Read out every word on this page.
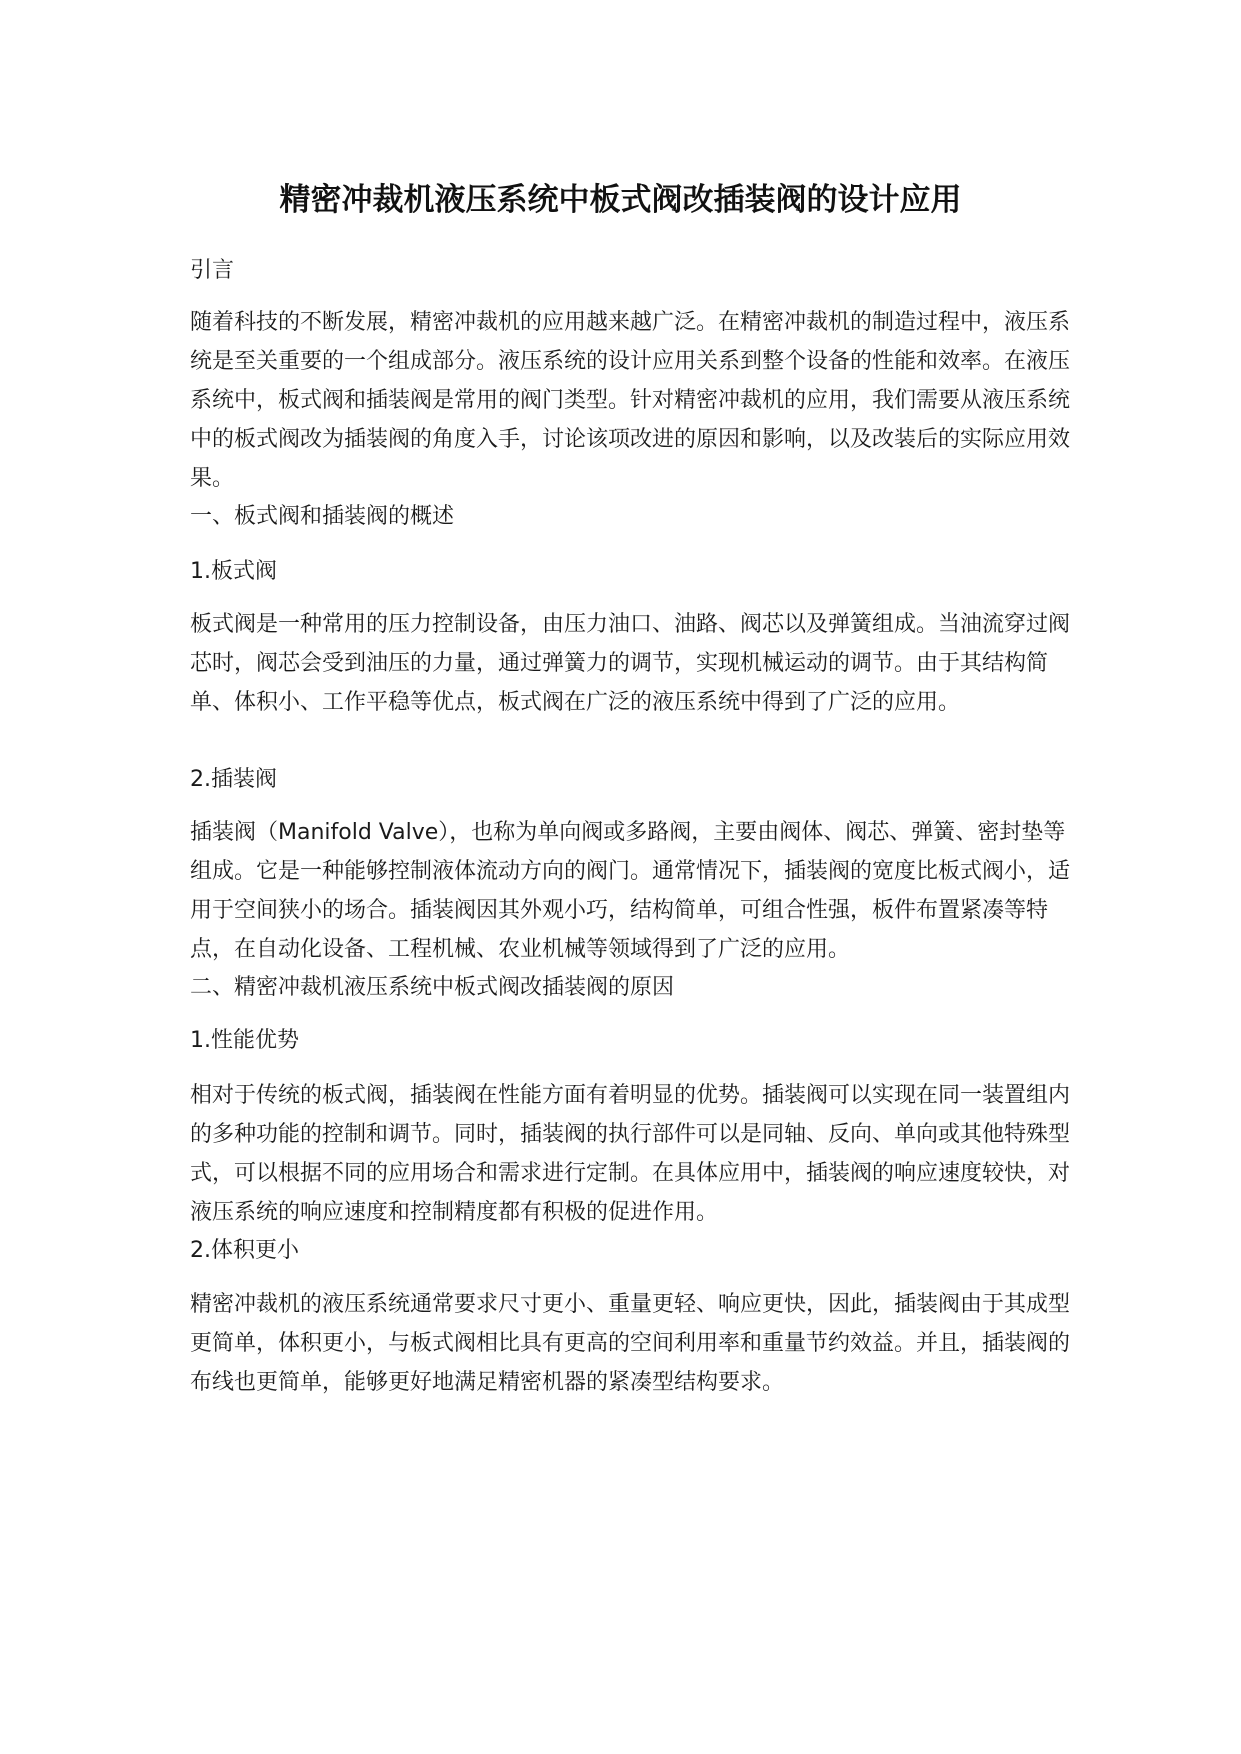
精密冲裁机液压系统中板式阀改插装阀的设计应用

引言

随着科技的不断发展，精密冲裁机的应用越来越广泛。在精密冲裁机的制造过程中，液压系统是至关重要的一个组成部分。液压系统的设计应用关系到整个设备的性能和效率。在液压系统中，板式阀和插装阀是常用的阀门类型。针对精密冲裁机的应用，我们需要从液压系统中的板式阀改为插装阀的角度入手，讨论该项改进的原因和影响，以及改装后的实际应用效果。

一、板式阀和插装阀的概述

1.板式阀

板式阀是一种常用的压力控制设备，由压力油口、油路、阀芯以及弹簧组成。当油流穿过阀芯时，阀芯会受到油压的力量，通过弹簧力的调节，实现机械运动的调节。由于其结构简单、体积小、工作平稳等优点，板式阀在广泛的液压系统中得到了广泛的应用。

2.插装阀

插装阀（Manifold Valve），也称为单向阀或多路阀，主要由阀体、阀芯、弹簧、密封垫等组成。它是一种能够控制液体流动方向的阀门。通常情况下，插装阀的宽度比板式阀小，适用于空间狭小的场合。插装阀因其外观小巧，结构简单，可组合性强，板件布置紧凑等特点，在自动化设备、工程机械、农业机械等领域得到了广泛的应用。

二、精密冲裁机液压系统中板式阀改插装阀的原因

1.性能优势

相对于传统的板式阀，插装阀在性能方面有着明显的优势。插装阀可以实现在同一装置组内的多种功能的控制和调节。同时，插装阀的执行部件可以是同轴、反向、单向或其他特殊型式，可以根据不同的应用场合和需求进行定制。在具体应用中，插装阀的响应速度较快，对液压系统的响应速度和控制精度都有积极的促进作用。

2.体积更小

精密冲裁机的液压系统通常要求尺寸更小、重量更轻、响应更快，因此，插装阀由于其成型更简单，体积更小，与板式阀相比具有更高的空间利用率和重量节约效益。并且，插装阀的布线也更简单，能够更好地满足精密机器的紧凑型结构要求。
